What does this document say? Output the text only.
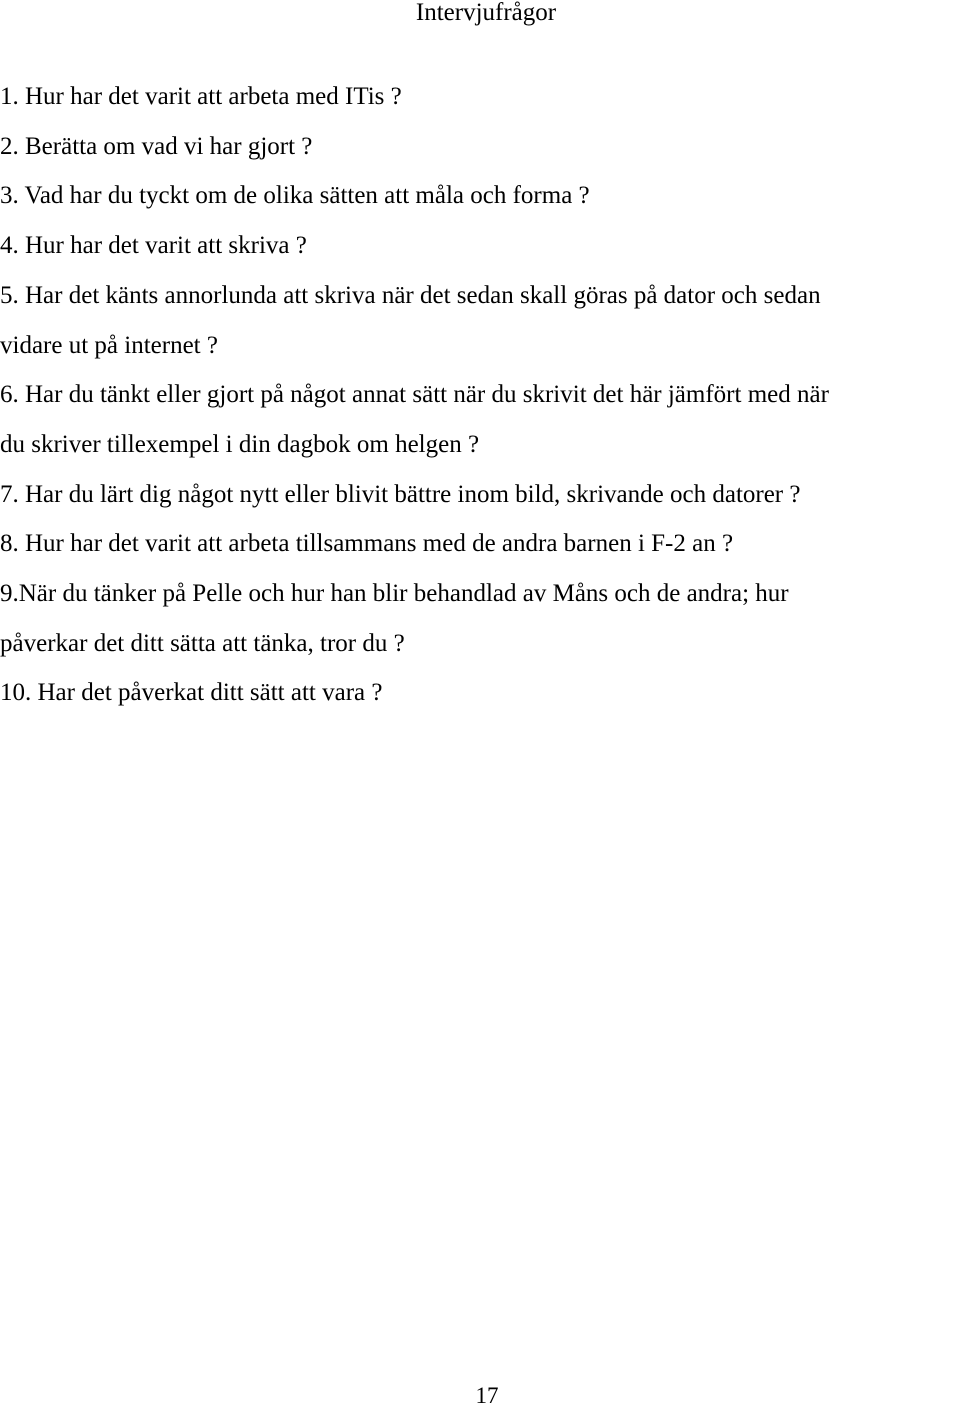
Intervjufrågor
1. Hur har det varit att arbeta med ITis ?
2. Berätta om vad vi har gjort ?
3. Vad har du tyckt om de olika sätten att måla och forma ?
4. Hur har det varit att skriva ?
5. Har det känts annorlunda att skriva när det sedan skall göras på dator och sedan
vidare ut på internet ?
6. Har du tänkt eller gjort på något annat sätt när du skrivit det här jämfört med när
du skriver tillexempel i din dagbok om helgen ?
7. Har du lärt dig något nytt eller blivit bättre inom bild, skrivande och datorer ?
8. Hur har det varit att arbeta tillsammans med de andra barnen i F-2 an ?
9.När du tänker på Pelle och hur han blir behandlad av Måns och de andra; hur
påverkar det ditt sätta att tänka, tror du ?
10. Har det påverkat ditt sätt att vara ?
17
